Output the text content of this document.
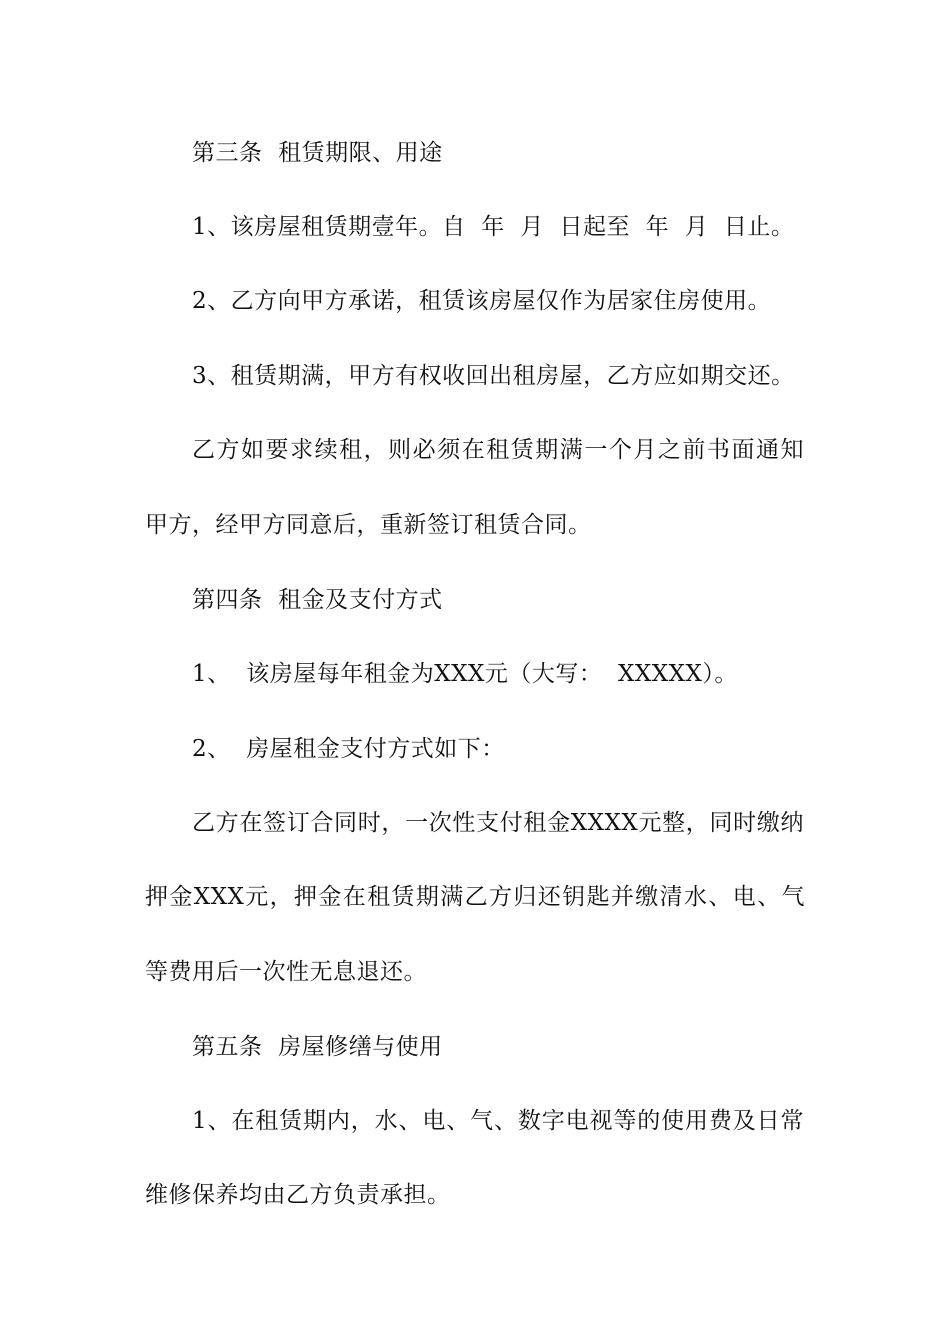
第三条  租赁期限、用途
1、该房屋租赁期壹年。自  年  月  日起至  年  月  日止。
2、乙方向甲方承诺，租赁该房屋仅作为居家住房使用。
3、租赁期满，甲方有权收回出租房屋，乙方应如期交还。
乙方如要求续租，则必须在租赁期满一个月之前书面通知
甲方，经甲方同意后，重新签订租赁合同。
第四条  租金及支付方式
1、  该房屋每年租金为XXX元（大写：  XXXXX）。
2、  房屋租金支付方式如下：
乙方在签订合同时，一次性支付租金XXXX元整，同时缴纳
押金XXX元，押金在租赁期满乙方归还钥匙并缴清水、电、气
等费用后一次性无息退还。
第五条  房屋修缮与使用
1、在租赁期内，水、电、气、数字电视等的使用费及日常
维修保养均由乙方负责承担。
